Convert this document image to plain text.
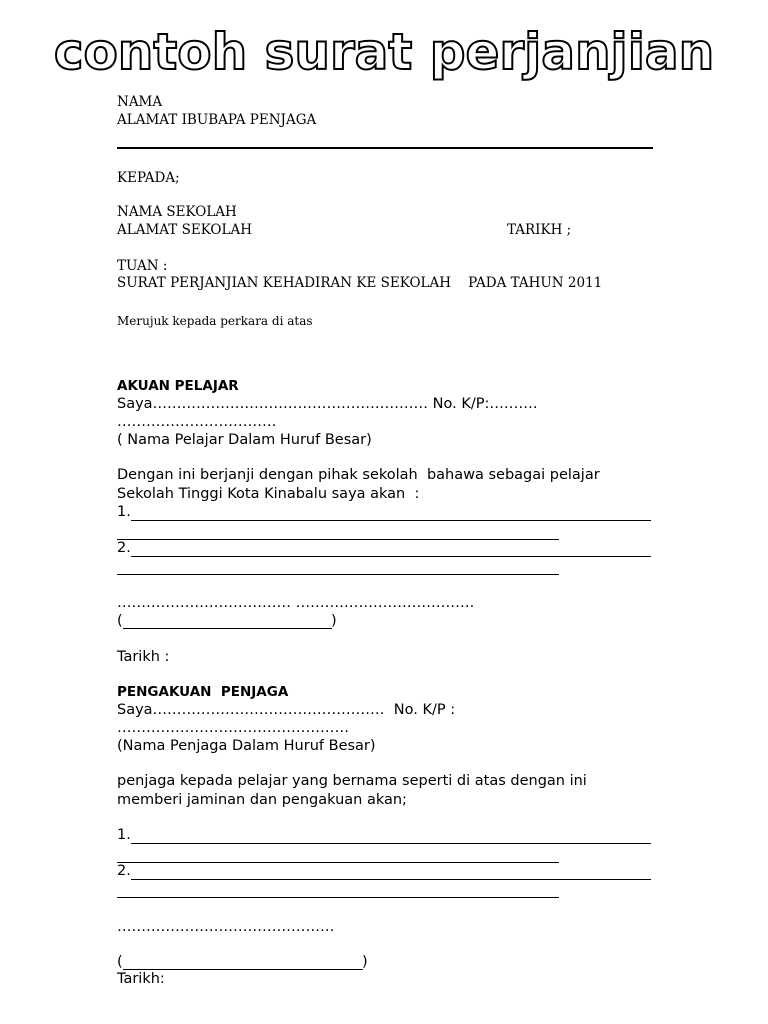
contoh surat perjanjian
NAMA
ALAMAT IBUBAPA PENJAGA
KEPADA;
NAMA SEKOLAH
ALAMAT SEKOLAH	TARIKH ;
TUAN :
SURAT PERJANJIAN KEHADIRAN KE SEKOLAH    PADA TAHUN 2011
Merujuk kepada perkara di atas
AKUAN PELAJAR
Saya………………………………………………… No. K/P:……….
……………………………
( Nama Pelajar Dalam Huruf Besar)
Dengan ini berjanji dengan pihak sekolah  bahawa sebagai pelajar
Sekolah Tinggi Kota Kinabalu saya akan  :
1.
2.
……………………………… ……………………………….
(	)
Tarikh :
PENGAKUAN  PENJAGA
Saya…………………………………………  No. K/P :
…………………………………………
(Nama Penjaga Dalam Huruf Besar)
penjaga kepada pelajar yang bernama seperti di atas dengan ini
memberi jaminan dan pengakuan akan;
1.
2.
………………………………………
(	)
Tarikh:
